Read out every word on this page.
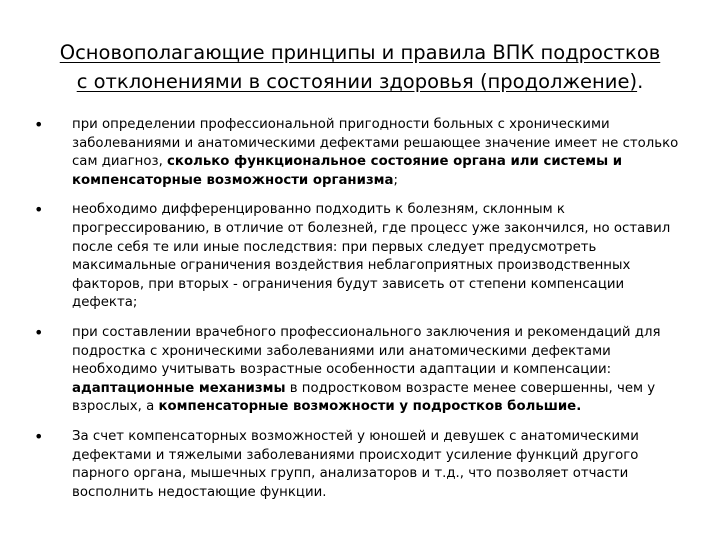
Основополагающие принципы и правила ВПК подростков
с отклонениями в состоянии здоровья (продолжение).
• при определении профессиональной пригодности больных с хроническими заболеваниями и анатомическими дефектами решающее значение имеет не столько сам диагноз, сколько функциональное состояние органа или системы и компенсаторные возможности организма;
• необходимо дифференцированно подходить к болезням, склонным к прогрессированию, в отличие от болезней, где процесс уже закончился, но оставил после себя те или иные последствия: при первых следует предусмотреть максимальные ограничения воздействия неблагоприятных производственных факторов, при вторых - ограничения будут зависеть от степени компенсации дефекта;
• при составлении врачебного профессионального заключения и рекомендаций для подростка с хроническими заболеваниями или анатомическими дефектами необходимо учитывать возрастные особенности адаптации и компенсации: адаптационные механизмы в подростковом возрасте менее совершенны, чем у взрослых, а компенсаторные возможности у подростков большие.
• За счет компенсаторных возможностей у юношей и девушек с анатомическими дефектами и тяжелыми заболеваниями происходит усиление функций другого парного органа, мышечных групп, анализаторов и т.д., что позволяет отчасти восполнить недостающие функции.
